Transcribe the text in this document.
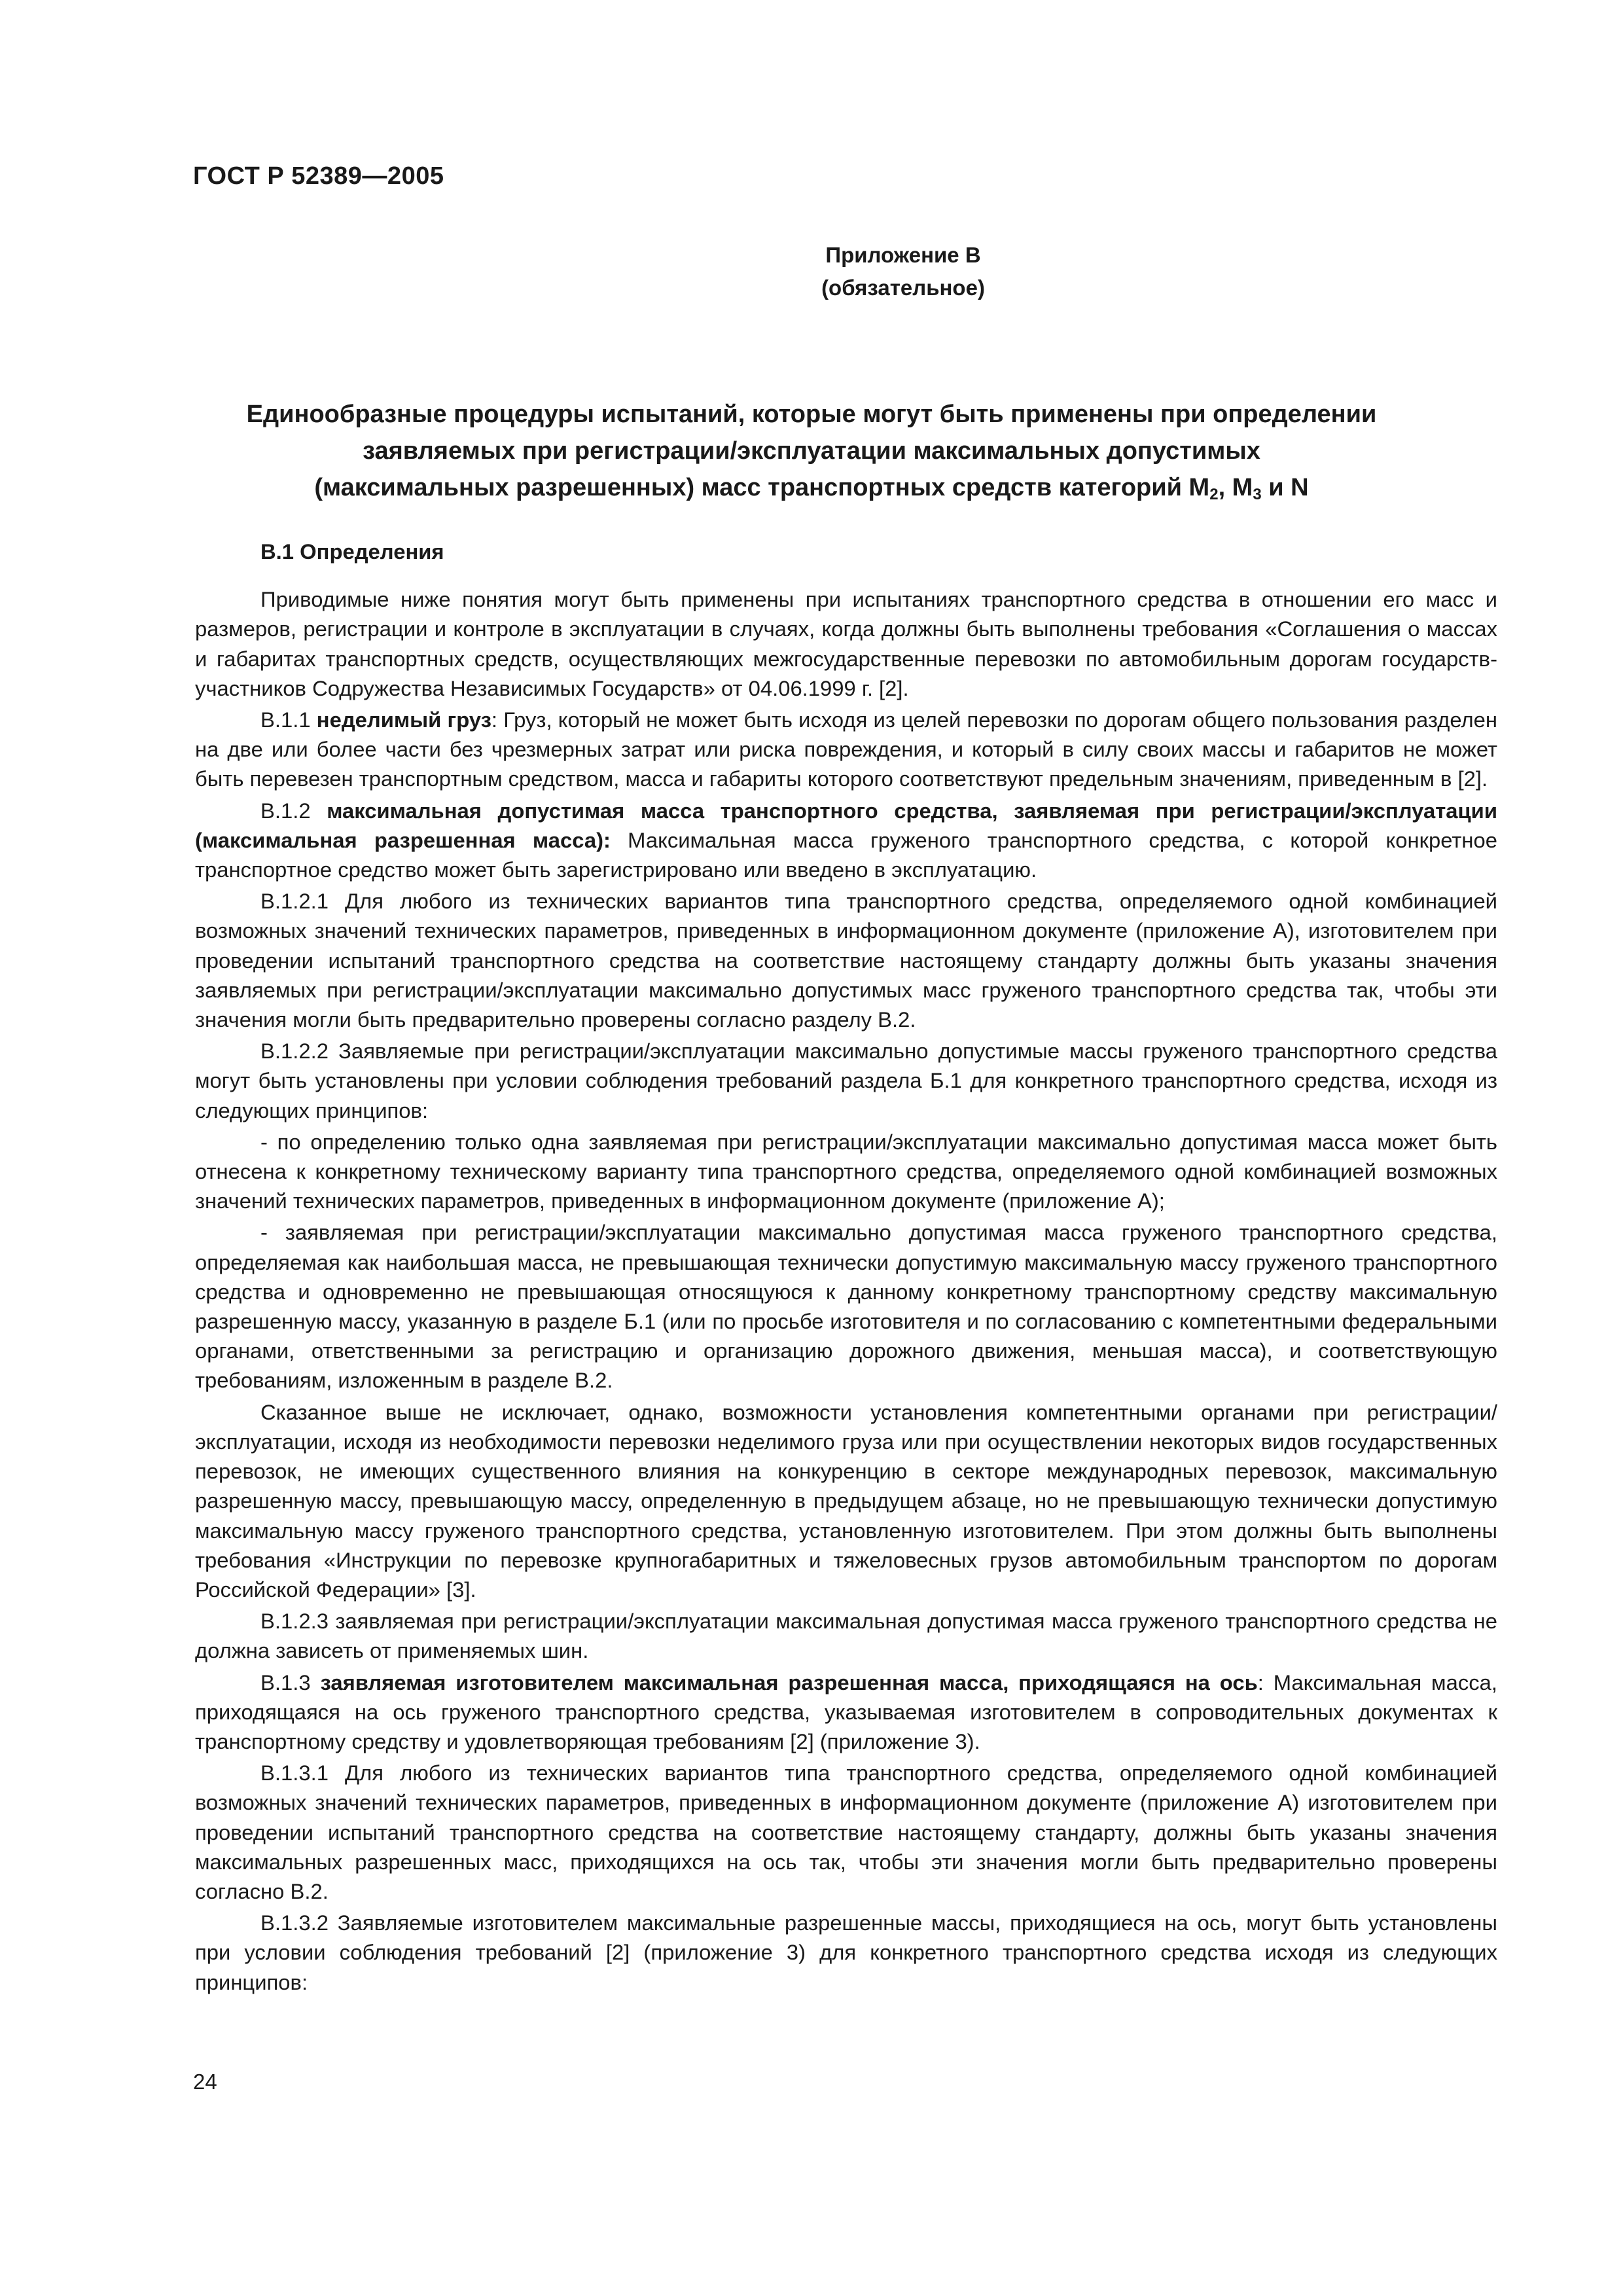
ГОСТ Р 52389—2005
Приложение В
(обязательное)
Единообразные процедуры испытаний, которые могут быть применены при определении
заявляемых при регистрации/эксплуатации максимальных допустимых
(максимальных разрешенных) масс транспортных средств категорий $М_2$, $М_3$ и N

В.1 Определения

Приводимые ниже понятия могут быть применены при испытаниях транспортного средства в отношении его масс и размеров, регистрации и контроле в эксплуатации в случаях, когда должны быть выполнены требования «Соглашения о массах и габаритах транспортных средств, осуществляющих межгосударственные перевозки по автомобильным дорогам государств-участников Содружества Независимых Государств» от 04.06.1999 г. [2].

В.1.1 неделимый груз: Груз, который не может быть исходя из целей перевозки по дорогам общего пользования разделен на две или более части без чрезмерных затрат или риска повреждения, и который в силу своих массы и габаритов не может быть перевезен транспортным средством, масса и габариты которого соответствуют предельным значениям, приведенным в [2].

В.1.2 максимальная допустимая масса транспортного средства, заявляемая при регистрации/эксплуатации (максимальная разрешенная масса): Максимальная масса груженого транспортного средства, с которой конкретное транспортное средство может быть зарегистрировано или введено в эксплуатацию.

В.1.2.1 Для любого из технических вариантов типа транспортного средства, определяемого одной комбинацией возможных значений технических параметров, приведенных в информационном документе (приложение А), изготовителем при проведении испытаний транспортного средства на соответствие настоящему стандарту должны быть указаны значения заявляемых при регистрации/эксплуатации максимально допустимых масс груженого транспортного средства так, чтобы эти значения могли быть предварительно проверены согласно разделу В.2.

В.1.2.2 Заявляемые при регистрации/эксплуатации максимально допустимые массы груженого транспортного средства могут быть установлены при условии соблюдения требований раздела Б.1 для конкретного транспортного средства, исходя из следующих принципов:

- по определению только одна заявляемая при регистрации/эксплуатации максимально допустимая масса может быть отнесена к конкретному техническому варианту типа транспортного средства, определяемого одной комбинацией возможных значений технических параметров, приведенных в информационном документе (приложение А);

- заявляемая при регистрации/эксплуатации максимально допустимая масса груженого транспортного средства, определяемая как наибольшая масса, не превышающая технически допустимую максимальную массу груженого транспортного средства и одновременно не превышающая относящуюся к данному конкретному транспортному средству максимальную разрешенную массу, указанную в разделе Б.1 (или по просьбе изготовителя и по согласованию с компетентными федеральными органами, ответственными за регистрацию и организацию дорожного движения, меньшая масса), и соответствующую требованиям, изложенным в разделе В.2.

Сказанное выше не исключает, однако, возможности установления компетентными органами при регистрации/эксплуатации, исходя из необходимости перевозки неделимого груза или при осуществлении некоторых видов государственных перевозок, не имеющих существенного влияния на конкуренцию в секторе международных перевозок, максимальную разрешенную массу, превышающую массу, определенную в предыдущем абзаце, но не превышающую технически допустимую максимальную массу груженого транспортного средства, установленную изготовителем. При этом должны быть выполнены требования «Инструкции по перевозке крупногабаритных и тяжеловесных грузов автомобильным транспортом по дорогам Российской Федерации» [3].

В.1.2.3 заявляемая при регистрации/эксплуатации максимальная допустимая масса груженого транспортного средства не должна зависеть от применяемых шин.

В.1.3 заявляемая изготовителем максимальная разрешенная масса, приходящаяся на ось: Максимальная масса, приходящаяся на ось груженого транспортного средства, указываемая изготовителем в сопроводительных документах к транспортному средству и удовлетворяющая требованиям [2] (приложение 3).

В.1.3.1 Для любого из технических вариантов типа транспортного средства, определяемого одной комбинацией возможных значений технических параметров, приведенных в информационном документе (приложение А) изготовителем при проведении испытаний транспортного средства на соответствие настоящему стандарту, должны быть указаны значения максимальных разрешенных масс, приходящихся на ось так, чтобы эти значения могли быть предварительно проверены согласно В.2.

В.1.3.2 Заявляемые изготовителем максимальные разрешенные массы, приходящиеся на ось, могут быть установлены при условии соблюдения требований [2] (приложение 3) для конкретного транспортного средства исходя из следующих принципов:

24
